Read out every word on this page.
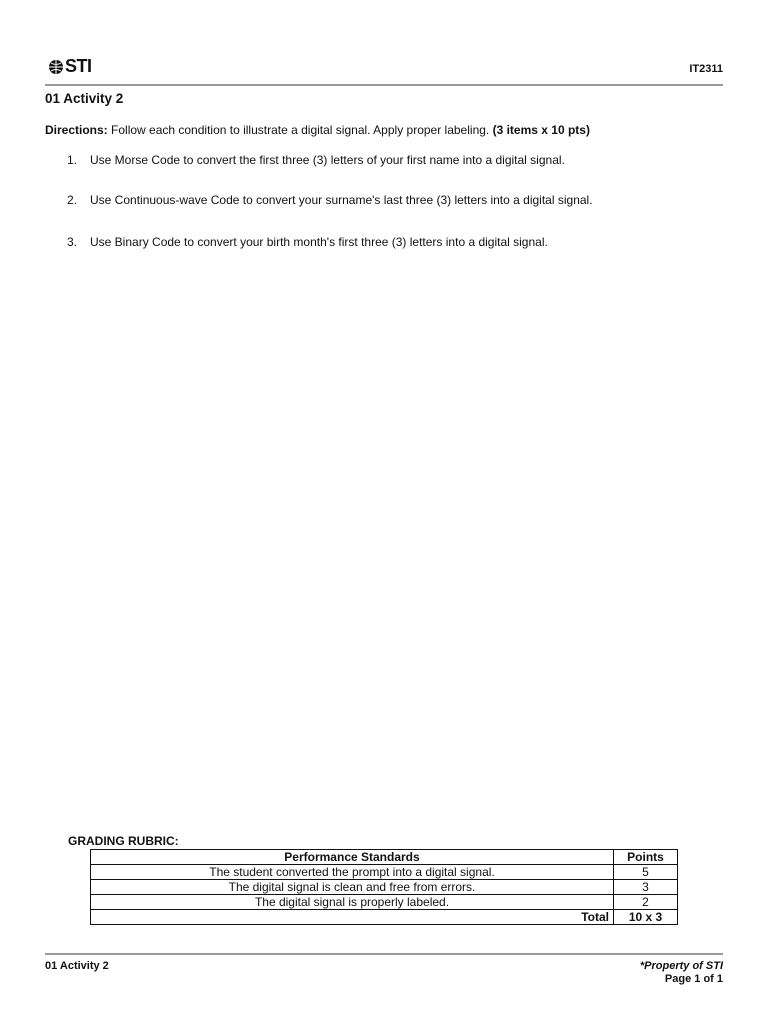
STI	IT2311
01 Activity 2
Directions: Follow each condition to illustrate a digital signal. Apply proper labeling. (3 items x 10 pts)
1. Use Morse Code to convert the first three (3) letters of your first name into a digital signal.
2. Use Continuous-wave Code to convert your surname's last three (3) letters into a digital signal.
3. Use Binary Code to convert your birth month's first three (3) letters into a digital signal.
GRADING RUBRIC:
Performance Standards	Points
The student converted the prompt into a digital signal.	5
The digital signal is clean and free from errors.	3
The digital signal is properly labeled.	2
Total	10 x 3
01 Activity 2	*Property of STI
Page 1 of 1
